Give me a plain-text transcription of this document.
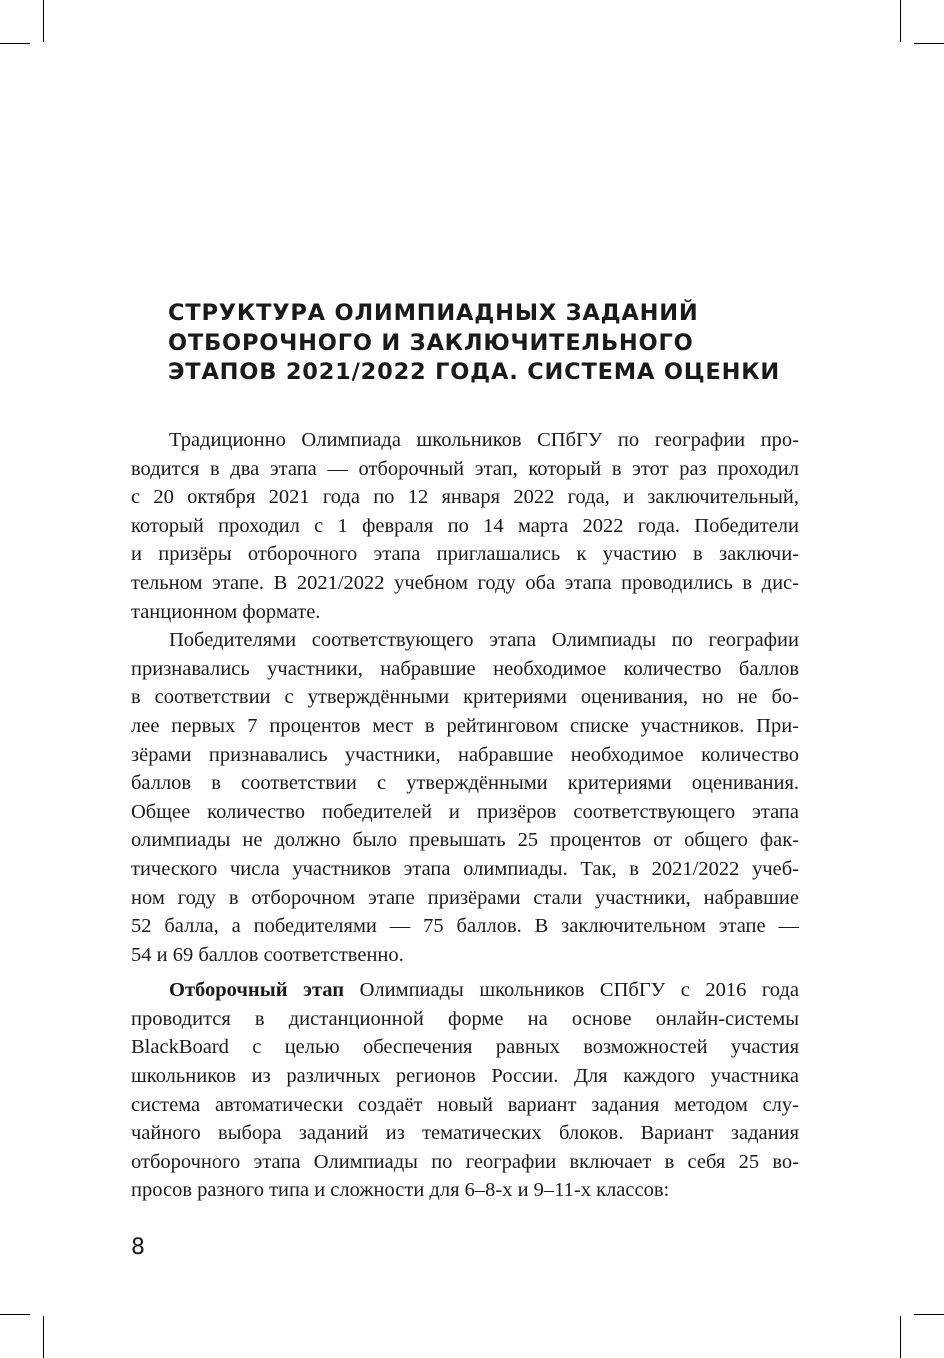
СТРУКТУРА ОЛИМПИАДНЫХ ЗАДАНИЙ
ОТБОРОЧНОГО И ЗАКЛЮЧИТЕЛЬНОГО
ЭТАПОВ 2021/2022 ГОДА. СИСТЕМА ОЦЕНКИ
Традиционно Олимпиада школьников СПбГУ по географии про-
водится в два этапа — отборочный этап, который в этот раз проходил
с 20 октября 2021 года по 12 января 2022 года, и заключительный,
который проходил с 1 февраля по 14 марта 2022 года. Победители
и призёры отборочного этапа приглашались к участию в заключи-
тельном этапе. В 2021/2022 учебном году оба этапа проводились в дис-
танционном формате.
Победителями соответствующего этапа Олимпиады по географии
признавались участники, набравшие необходимое количество баллов
в соответствии с утверждёнными критериями оценивания, но не бо-
лее первых 7 процентов мест в рейтинговом списке участников. При-
зёрами признавались участники, набравшие необходимое количество
баллов в соответствии с утверждёнными критериями оценивания.
Общее количество победителей и призёров соответствующего этапа
олимпиады не должно было превышать 25 процентов от общего фак-
тического числа участников этапа олимпиады. Так, в 2021/2022 учеб-
ном году в отборочном этапе призёрами стали участники, набравшие
52 балла, а победителями — 75 баллов. В заключительном этапе —
54 и 69 баллов соответственно.
Отборочный этап Олимпиады школьников СПбГУ с 2016 года
проводится в дистанционной форме на основе онлайн-системы
BlackBoard с целью обеспечения равных возможностей участия
школьников из различных регионов России. Для каждого участника
система автоматически создаёт новый вариант задания методом слу-
чайного выбора заданий из тематических блоков. Вариант задания
отборочного этапа Олимпиады по географии включает в себя 25 во-
просов разного типа и сложности для 6–8-х и 9–11-х классов:
8
